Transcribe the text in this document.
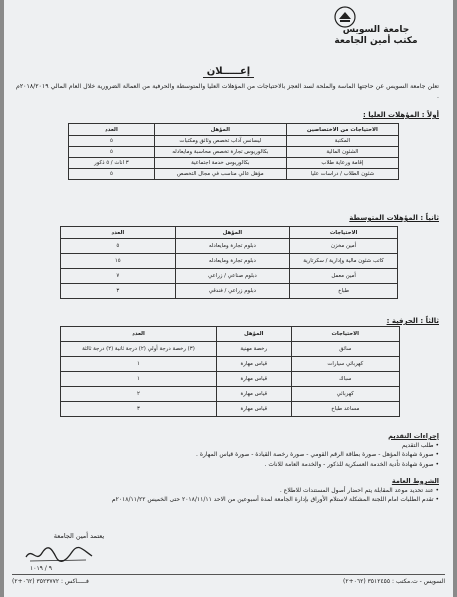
جامعة السويس
مكتب أمين الجامعة
إعـــــلان
تعلن جامعة السويس عن حاجتها الماسة والملحة لسد العجز بالاحتياجات من المؤهلات العليا والمتوسطة والحرفية من العمالة الضرورية خلال العام المالي ٢٠١٨/٢٠١٩م .
أولاً : المؤهلات العليا :
الاحتياجات من الاختصاصين	المؤهل	العدد
المكتبة	ليسانس آداب تخصص وثائق ومكتبات	٥
الشئون المالية	بكالوريوس تجارة تخصص محاسبة ومايعادله	٥
إقامة ورعاية طلاب	بكالوريوس خدمة اجتماعية	٣ اناث / ٥ ذكور
شئون الطلاب / دراسات عليا	مؤهل عالي مناسب في مجال التخصص	٥
ثانياً : المؤهلات المتوسطة
الاحتياجات	المؤهل	العدد
أمين مخزن	دبلوم تجارة ومايعادله	٥
كاتب شئون مالية وإدارية / سكرتارية	دبلوم تجارة ومايعادله	١٥
أمين معمل	دبلوم صناعي / زراعي	٧
طباخ	دبلوم زراعي / فندقي	٣
ثالثاً : الحرفية :
الاحتياجات	المؤهل	العدد
سائق	رخصة مهنية	(٣) رخصة درجة أولي (٢) درجة ثانية (٢) درجة ثالثة
كهربائي سيارات	قياس مهارة	١
سباك	قياس مهارة	١
كهربائي	قياس مهارة	٢
مساعد طباخ	قياس مهارة	٣
إجراءات التقديم
• طلب التقديم
• صورة شهادة المؤهل - صورة بطاقة الرقم القومي - صورة رخصة القيادة - صورة قياس المهارة .
• صورة شهادة تأدية الخدمة العسكرية للذكور - والخدمة العامة للاناث .
الشروط العامة
• عند تحديد موعد المقابلة يتم احضار أصول المستندات للاطلاع .
• تقدم الطلبات امام اللجنة المشكلة لاستلام الأوراق بإدارة الجامعة لمدة أسبوعين من الاحد ٢٠١٨/١١/١١ حتى الخميس ٢٠١٨/١١/٢٢م
يعتمد أمين الجامعة
٩ / ١٠١٩
السويس - ت.مكتب : ٣٥١٢٤٥٥ (٠٦٢+٢)
فـــــاكس : ٣٥٢٣٧٧٢ (٠٦٢+٢)
